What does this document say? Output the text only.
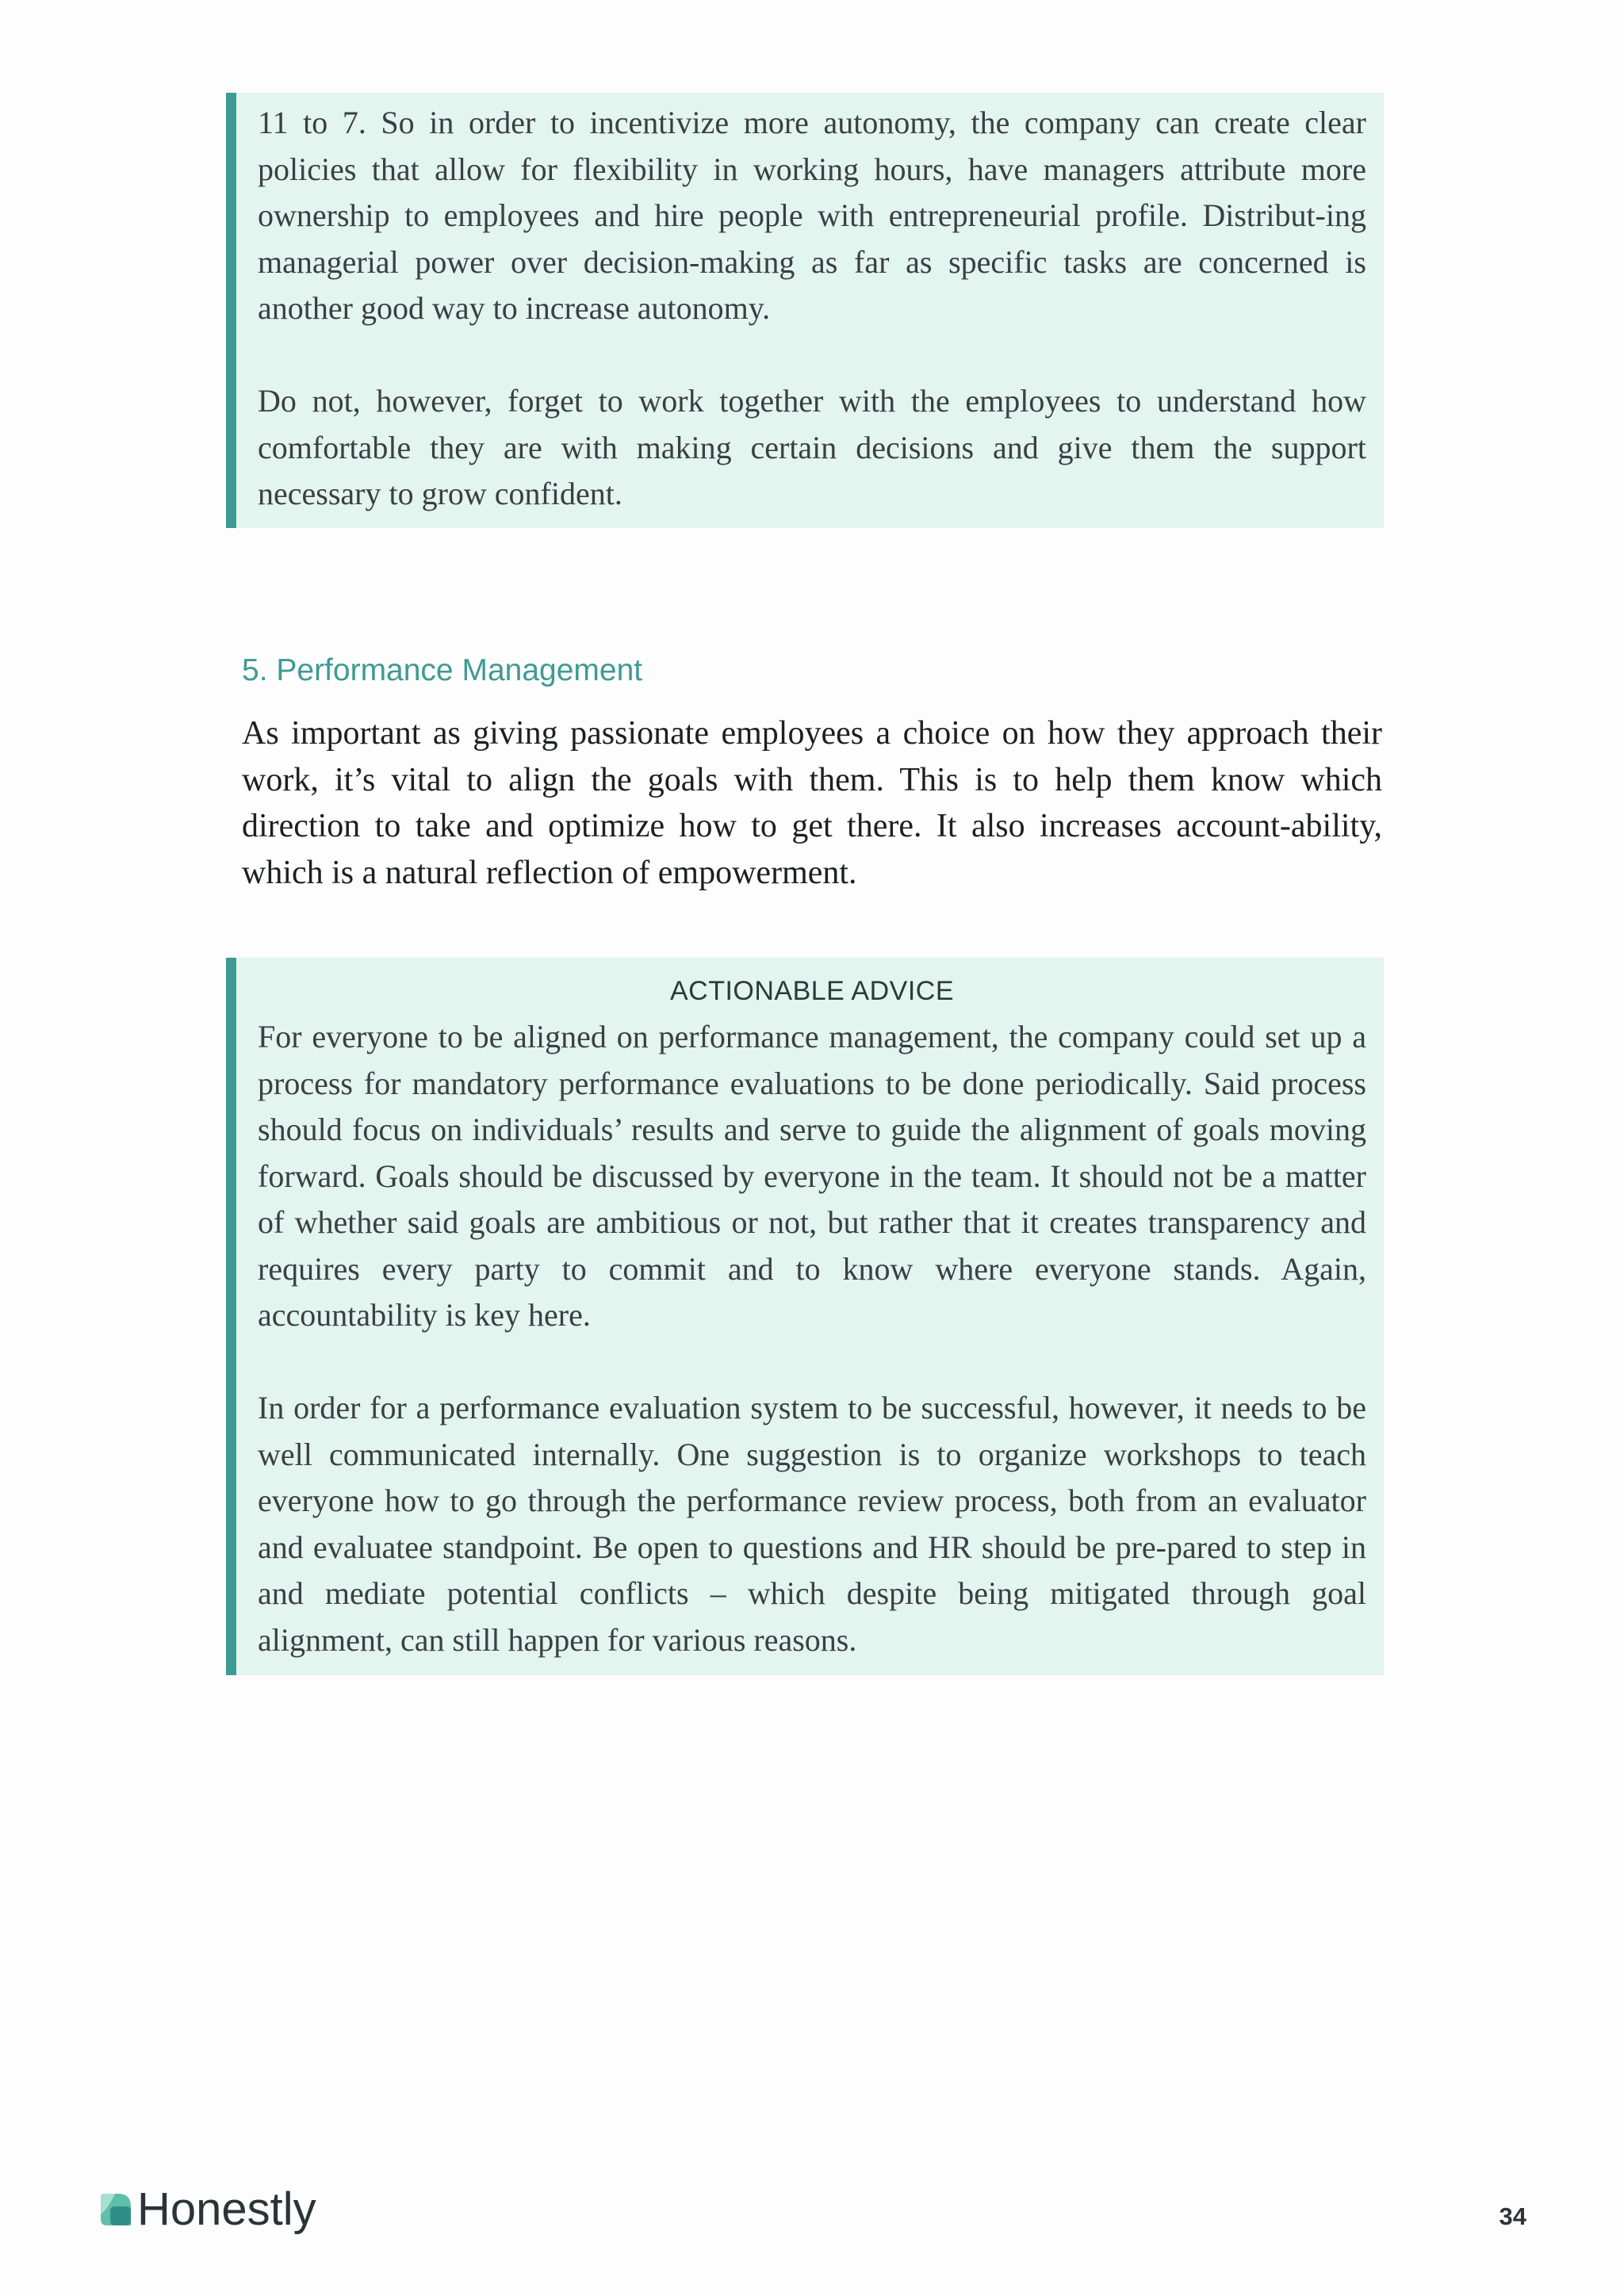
11 to 7. So in order to incentivize more autonomy, the company can create clear policies that allow for flexibility in working hours, have managers attribute more ownership to employees and hire people with entrepreneurial profile. Distribut-ing managerial power over decision-making as far as specific tasks are concerned is another good way to increase autonomy.

Do not, however, forget to work together with the employees to understand how comfortable they are with making certain decisions and give them the support necessary to grow confident.

5. Performance Management

As important as giving passionate employees a choice on how they approach their work, it’s vital to align the goals with them. This is to help them know which direction to take and optimize how to get there. It also increases account-ability, which is a natural reflection of empowerment.

ACTIONABLE ADVICE

For everyone to be aligned on performance management, the company could set up a process for mandatory performance evaluations to be done periodically. Said process should focus on individuals’ results and serve to guide the alignment of goals moving forward. Goals should be discussed by everyone in the team. It should not be a matter of whether said goals are ambitious or not, but rather that it creates transparency and requires every party to commit and to know where everyone stands. Again, accountability is key here.

In order for a performance evaluation system to be successful, however, it needs to be well communicated internally. One suggestion is to organize workshops to teach everyone how to go through the performance review process, both from an evaluator and evaluatee standpoint. Be open to questions and HR should be pre-pared to step in and mediate potential conflicts – which despite being mitigated through goal alignment, can still happen for various reasons.

Honestly	34
